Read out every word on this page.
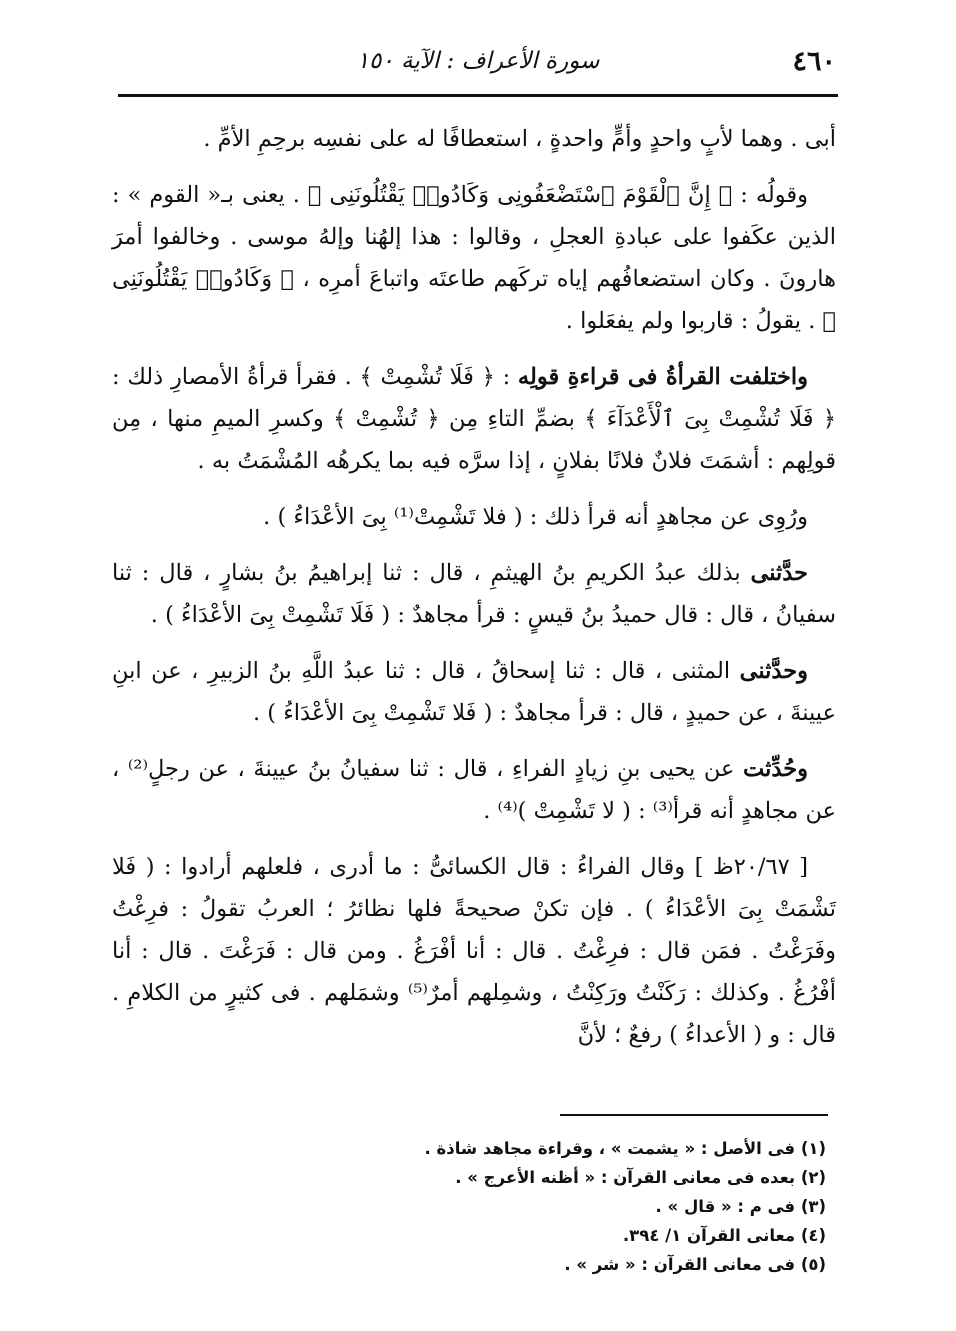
٤٦٠
سورة الأعراف : الآية ١٥٠

أبى . وهما لأبٍ واحدٍ وأمٍّ واحدةٍ ، استعطافًا له على نفسِه برحِمِ الأمِّ .

وقولُه : ﴿ إِنَّ ٱلْقَوْمَ ٱسْتَضْعَفُونِى وَكَادُوا۟ يَقْتُلُونَنِى ﴾ . يعنى بـ« القوم » : الذين عكَفوا على عبادةِ العجلِ ، وقالوا : هذا إلهُنا وإلهُ موسى . وخالفوا أمرَ هارونَ . وكان استضعافُهم إياه تركَهم طاعتَه واتباعَ أمرِه ، ﴿ وَكَادُوا۟ يَقْتُلُونَنِى ﴾ . يقولُ : قاربوا ولم يفعَلوا .

واختلفت القرأةُ فى قراءةِ قولِه : ﴿ فَلَا تُشْمِتْ ﴾ . فقرأ قرأةُ الأمصارِ ذلك : ﴿ فَلَا تُشْمِتْ بِىَ ٱلْأَعْدَآءَ ﴾ بضمِّ التاءِ مِن ﴿ تُشْمِتْ ﴾ وكسرِ الميمِ منها ، مِن قولِهم : أشمَتَ فلانٌ فلانًا بفلانٍ ، إذا سرَّه فيه بما يكرهُه المُشْمَتُ به .

ورُوِى عن مجاهدٍ أنه قرأ ذلك : ( فلا تَشْمِتْ⁽¹⁾ بِىَ الأعْدَاءُ ) .

حدَّثنى بذلك عبدُ الكريمِ بنُ الهيثمِ ، قال : ثنا إبراهيمُ بنُ بشارٍ ، قال : ثنا سفيانُ ، قال : قال حميدُ بنُ قيسٍ : قرأ مجاهدٌ : ( فَلَا تَشْمِتْ بِىَ الأعْدَاءُ ) .

وحدَّثنى المثنى ، قال : ثنا إسحاقُ ، قال : ثنا عبدُ اللَّهِ بنُ الزبيرِ ، عن ابنِ عيينةَ ، عن حميدٍ ، قال : قرأ مجاهدٌ : ( فَلا تَشْمِتْ بِىَ الأعْدَاءُ ) .

وحُدِّثت عن يحيى بنِ زيادٍ الفراءِ ، قال : ثنا سفيانُ بنُ عيينةَ ، عن رجلٍ⁽²⁾ ، عن مجاهدٍ أنه قرأ⁽³⁾ : ( لا تَشْمِتْ )⁽⁴⁾ .

[ ٢٠/٦٧ظ ] وقال الفراءُ : قال الكسائىُّ : ما أدرى ، فلعلهم أرادوا : ( فَلا تَشْمَتْ بِىَ الأعْدَاءُ ) . فإن تكنْ صحيحةً فلها نظائرُ ؛ العربُ تقولُ : فرِغْتُ وفَرَغْتُ . فمَن قال : فرِغْتُ . قال : أنا أفْرَغُ . ومن قال : فَرَغْتَ . قال : أنا أفْرُغُ . وكذلك : رَكَنْتُ ورَكِنْتُ ، وشمِلهم أمرٌ⁽⁵⁾ وشمَلهم . فى كثيرٍ من الكلامِ . قال : و ( الأعداءُ ) رفعٌ ؛ لأنَّ

(١) فى الأصل : « يشمت » ، وقراءة مجاهد شاذة .

(٢) بعده فى معانى القرآن : « أظنه الأعرج » .

(٣) فى م : « قال » .

(٤) معانى القرآن ١/ ٣٩٤.

(٥) فى معانى القرآن : « شر » .
